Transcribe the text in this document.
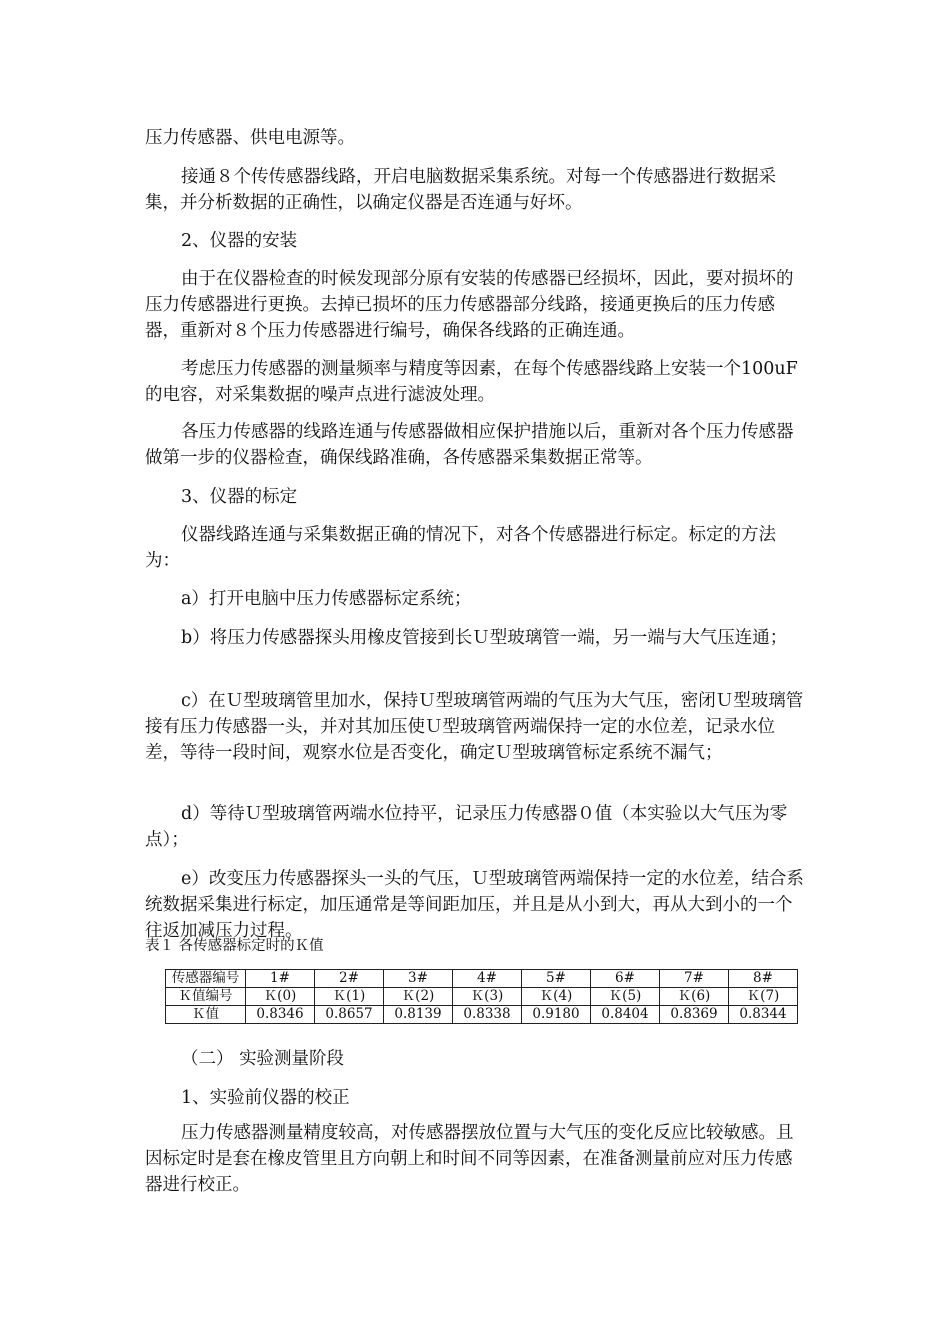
压力传感器、供电电源等。

接通８个传传感器线路，开启电脑数据采集系统。对每一个传感器进行数据采集，并分析数据的正确性，以确定仪器是否连通与好坏。

2、仪器的安装

由于在仪器检查的时候发现部分原有安装的传感器已经损坏，因此，要对损坏的压力传感器进行更换。去掉已损坏的压力传感器部分线路，接通更换后的压力传感器，重新对８个压力传感器进行编号，确保各线路的正确连通。

考虑压力传感器的测量频率与精度等因素，在每个传感器线路上安装一个100uF的电容，对采集数据的噪声点进行滤波处理。

各压力传感器的线路连通与传感器做相应保护措施以后，重新对各个压力传感器做第一步的仪器检查，确保线路准确，各传感器采集数据正常等。

3、仪器的标定

仪器线路连通与采集数据正确的情况下，对各个传感器进行标定。标定的方法为：

a）打开电脑中压力传感器标定系统；

b）将压力传感器探头用橡皮管接到长Ｕ型玻璃管一端，另一端与大气压连通；

c）在Ｕ型玻璃管里加水，保持Ｕ型玻璃管两端的气压为大气压，密闭Ｕ型玻璃管接有压力传感器一头，并对其加压使Ｕ型玻璃管两端保持一定的水位差，记录水位差，等待一段时间，观察水位是否变化，确定Ｕ型玻璃管标定系统不漏气；

d）等待Ｕ型玻璃管两端水位持平，记录压力传感器０值（本实验以大气压为零点）；

e）改变压力传感器探头一头的气压，Ｕ型玻璃管两端保持一定的水位差，结合系统数据采集进行标定，加压通常是等间距加压，并且是从小到大，再从大到小的一个往返加减压力过程。

表１ 各传感器标定时的Ｋ值
传感器编号	1#	2#	3#	4#	5#	6#	7#	8#
Ｋ值编号	Ｋ(0)	Ｋ(1)	Ｋ(2)	Ｋ(3)	Ｋ(4)	Ｋ(5)	Ｋ(6)	Ｋ(7)
Ｋ值	0.8346	0.8657	0.8139	0.8338	0.9180	0.8404	0.8369	0.8344

（二） 实验测量阶段

1、实验前仪器的校正

压力传感器测量精度较高，对传感器摆放位置与大气压的变化反应比较敏感。且因标定时是套在橡皮管里且方向朝上和时间不同等因素，在准备测量前应对压力传感器进行校正。
